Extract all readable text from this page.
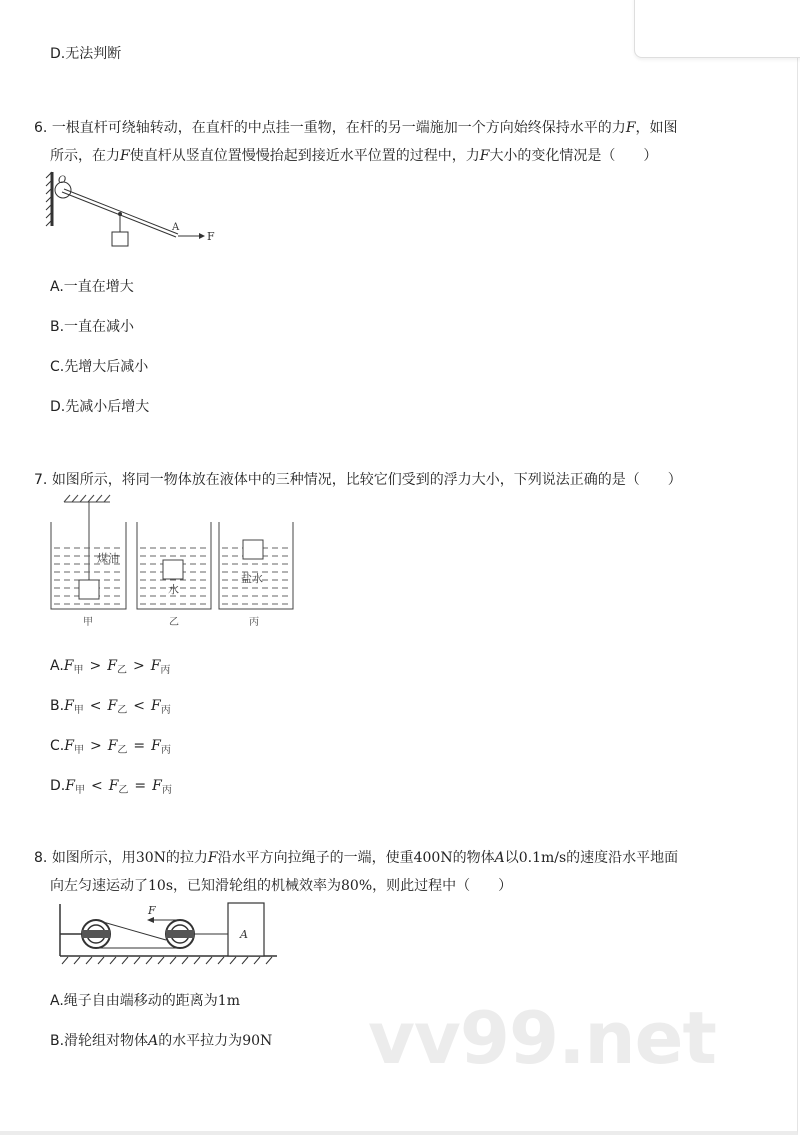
D.无法判断
6. 一根直杆可绕轴转动，在直杆的中点挂一重物，在杆的另一端施加一个方向始终保持水平的力F，如图
所示，在力F使直杆从竖直位置慢慢抬起到接近水平位置的过程中，力F大小的变化情况是（　　）
O
A
F
A.一直在增大
B.一直在减小
C.先增大后减小
D.先减小后增大
7. 如图所示，将同一物体放在液体中的三种情况，比较它们受到的浮力大小，下列说法正确的是（　　）
煤油
甲
水
乙
盐水
丙
$A.F_甲 > F_乙 > F_丙$
$B.F_甲 < F_乙 < F_丙$
$C.F_甲 > F_乙 = F_丙$
$D.F_甲 < F_乙 = F_丙$
8. 如图所示，用30N的拉力F沿水平方向拉绳子的一端，使重400N的物体A以0.1m/s的速度沿水平地面
向左匀速运动了10s，已知滑轮组的机械效率为80%，则此过程中（　　）
F
A
A.绳子自由端移动的距离为1m
B.滑轮组对物体A的水平拉力为90N vv99.net
